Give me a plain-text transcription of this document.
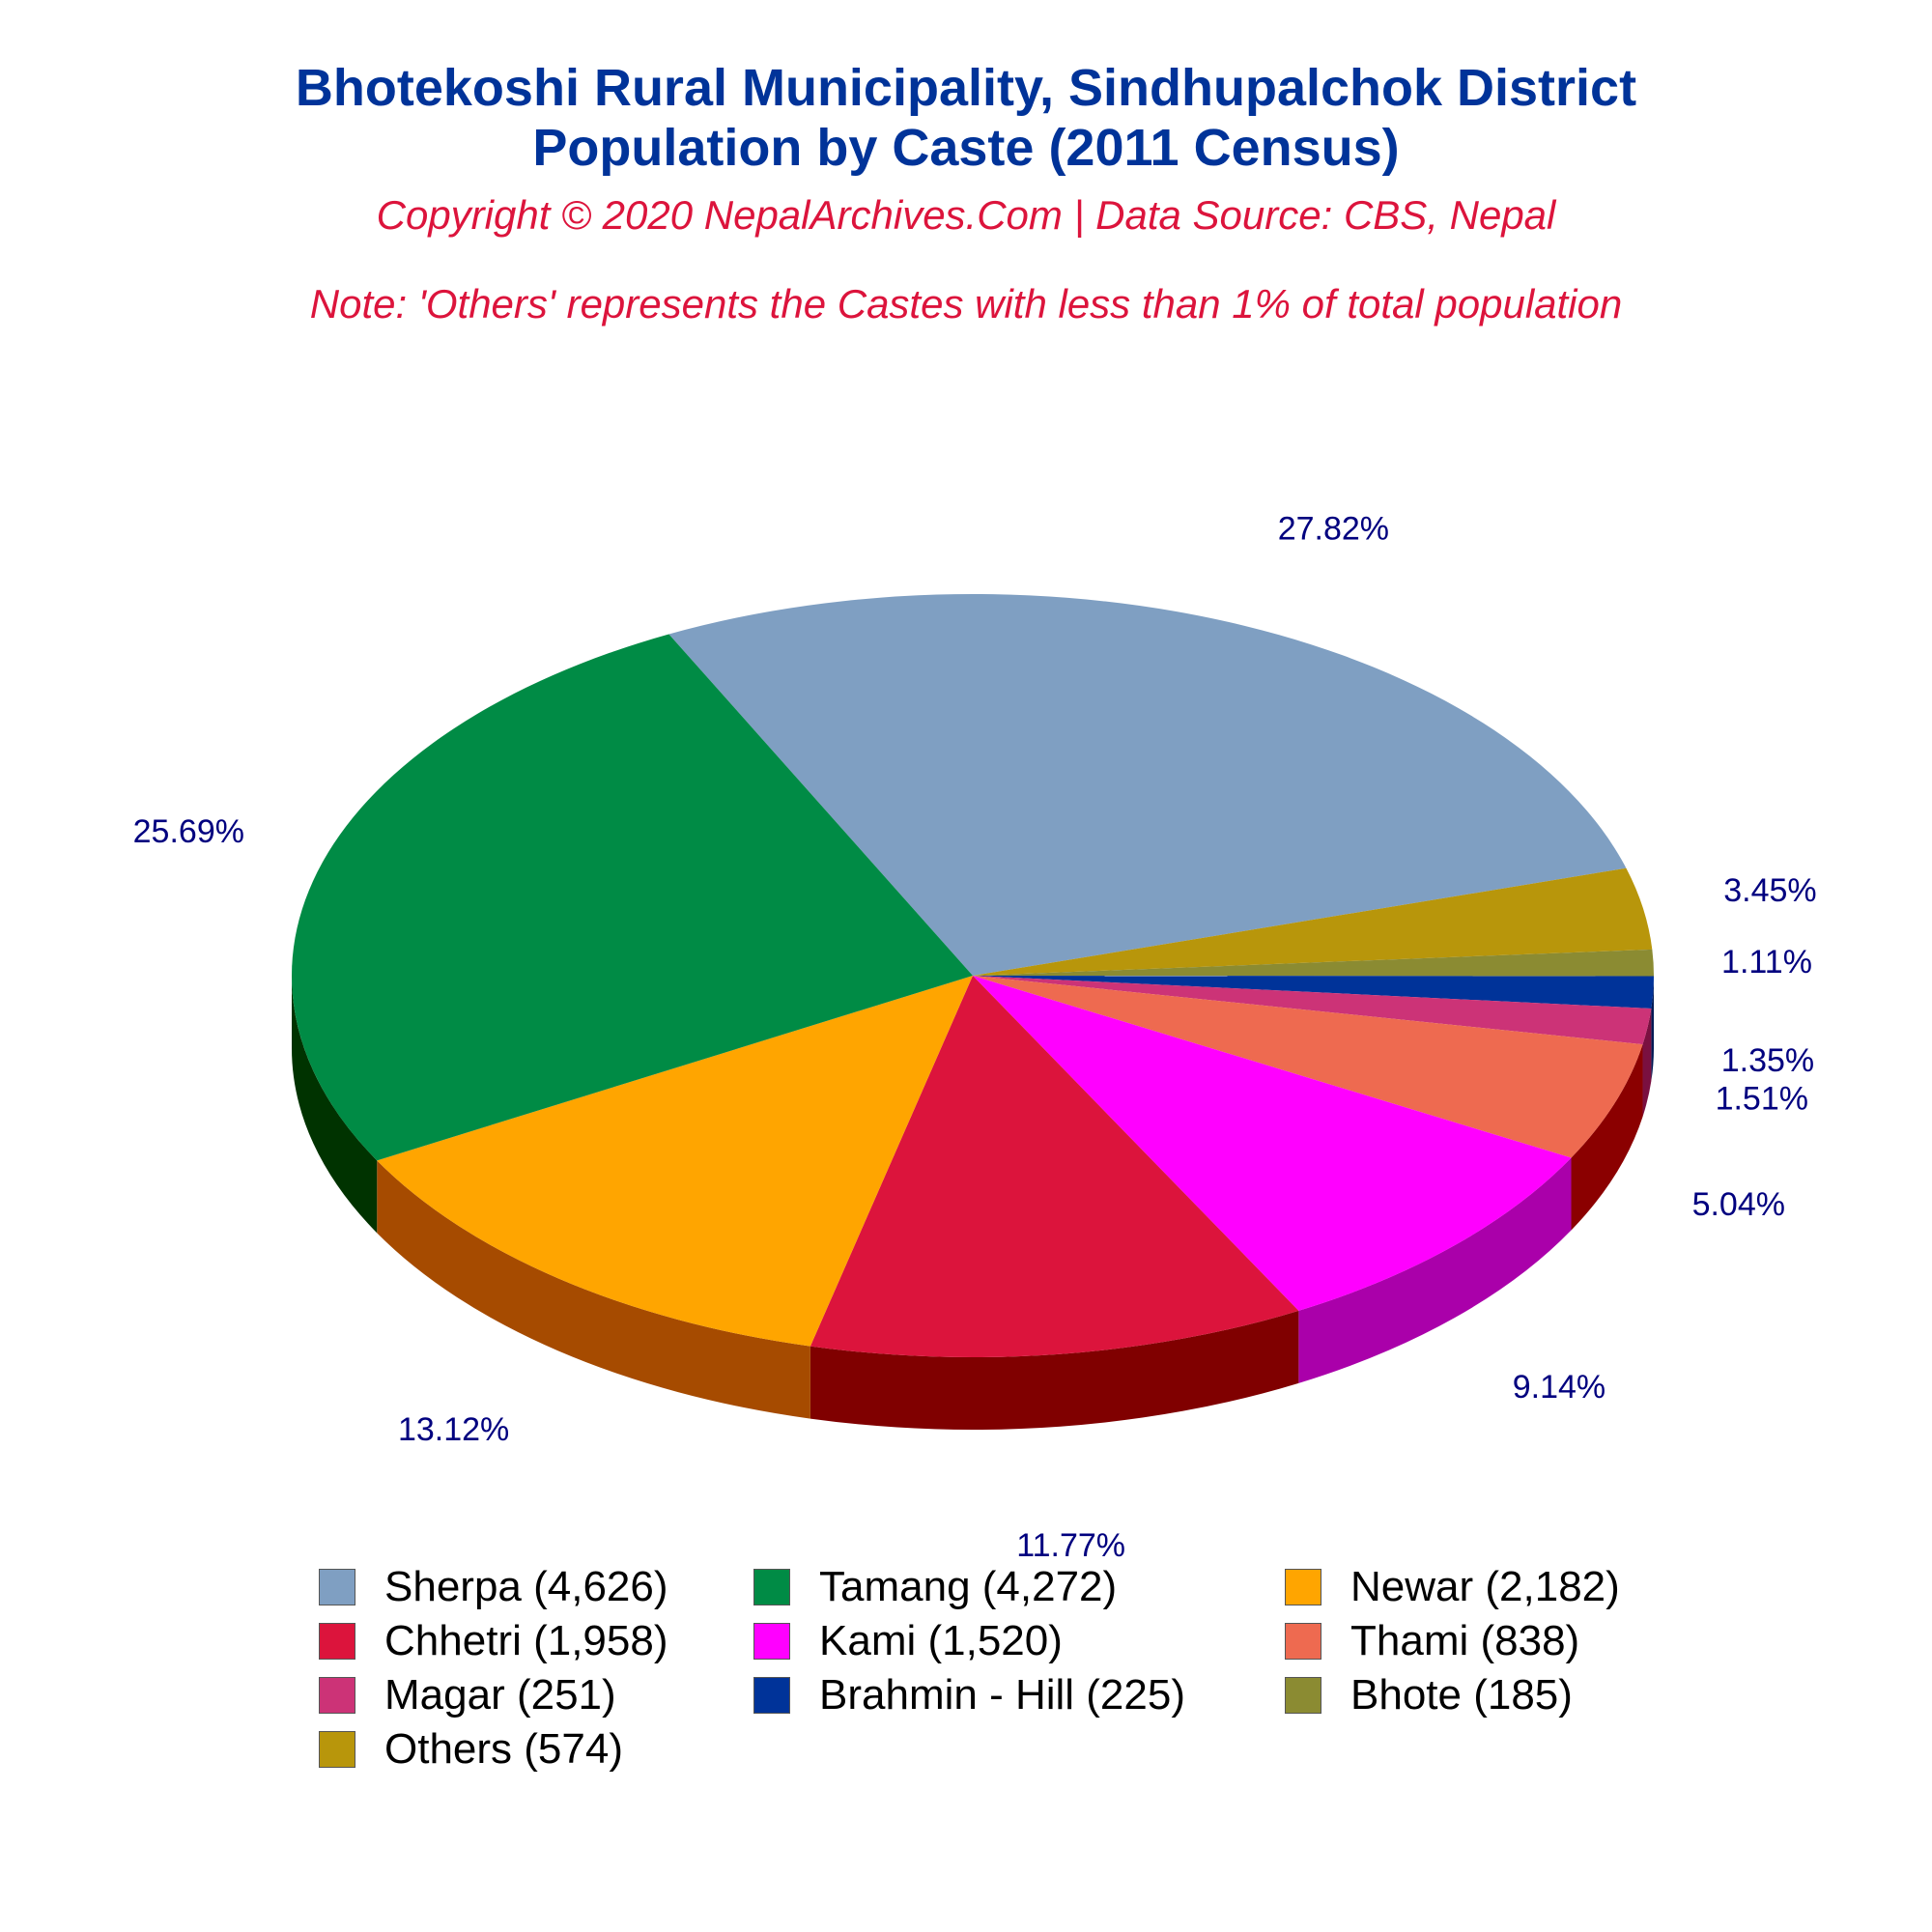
Bhotekoshi Rural Municipality, Sindhupalchok District
Population by Caste (2011 Census)
Copyright © 2020 NepalArchives.Com | Data Source: CBS, Nepal
Note: 'Others' represents the Castes with less than 1% of total population
27.82%
3.45%
1.11%
1.35%
1.51%
5.04%
9.14%
11.77%
13.12%
25.69%
Sherpa (4,626)	Tamang (4,272)	Newar (2,182)
Chhetri (1,958)	Kami (1,520)	Thami (838)
Magar (251)	Brahmin - Hill (225)	Bhote (185)
Others (574)
